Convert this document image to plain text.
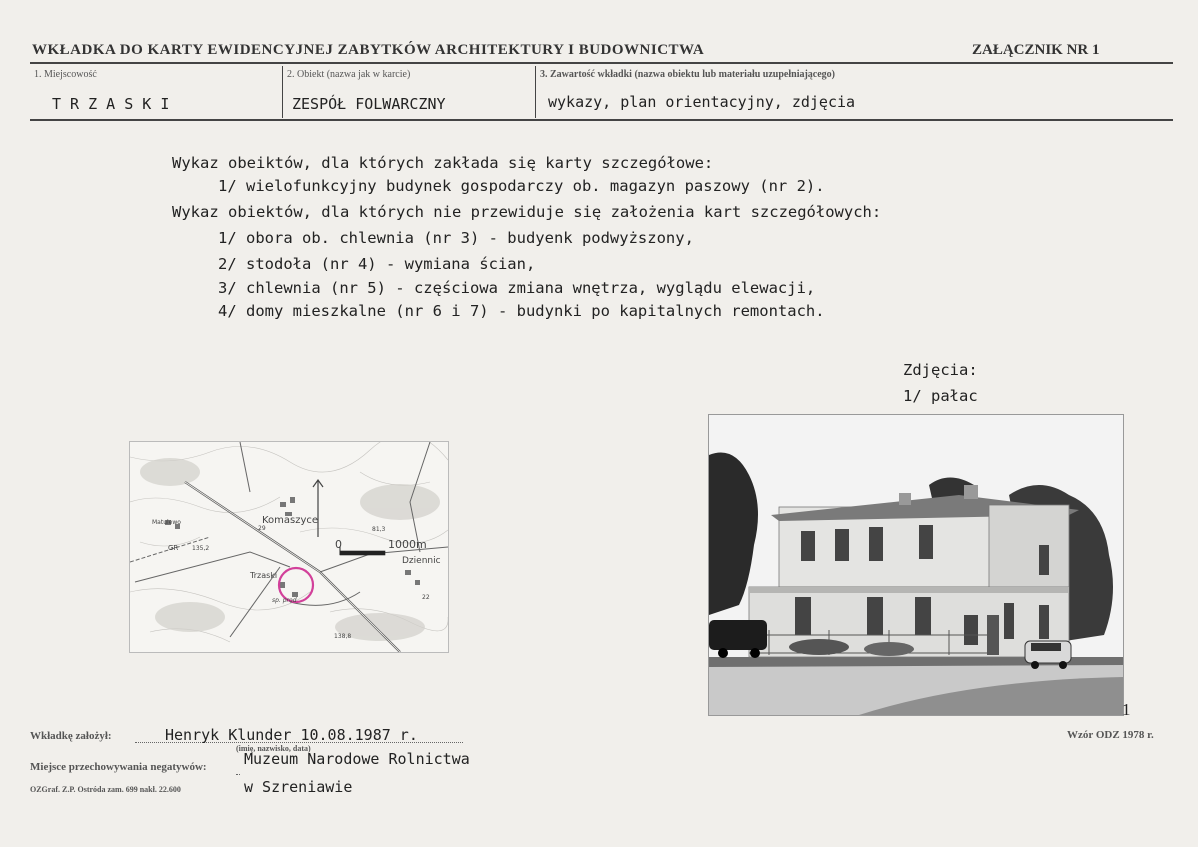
WKŁADKA DO KARTY EWIDENCYJNEJ ZABYTKÓW ARCHITEKTURY I BUDOWNICTWA	ZAŁĄCZNIK NR 1
1. Miejscowość
T R Z A S K I
2. Obiekt (nazwa jak w karcie)
ZESPÓŁ FOLWARCZNY
3. Zawartość wkładki (nazwa obiektu lub materiału uzupełniającego)
wykazy, plan orientacyjny, zdjęcia
Wykaz obeiktów, dla których zakłada się karty szczegółowe:
1/ wielofunkcyjny budynek gospodarczy ob. magazyn paszowy (nr 2).
Wykaz obiektów, dla których nie przewiduje się założenia kart szczegółowych:
1/ obora ob. chlewnia (nr 3) - budyenk podwyższony,
2/ stodoła (nr 4) - wymiana ścian,
3/ chlewnia (nr 5) - częściowa zmiana wnętrza, wyglądu elewacji,
4/ domy mieszkalne (nr 6 i 7) - budynki po kapitalnych remontach.
Zdjęcia:
1/ pałac
Komaszyce
Trzaski
Dziennic
sp. prod
Matulewo
GR	0	1000m
81,3
135,2
138,8
22
29
1
Wkładkę założył:	Henryk Klunder 10.08.1987 r.
(imię, nazwisko, data)
Miejsce przechowywania negatywów: Muzeum Narodowe Rolnictwa
w Szreniawie
OZGraf. Z.P. Ostróda zam. 699 nakł. 22.600
Wzór ODZ 1978 r.
